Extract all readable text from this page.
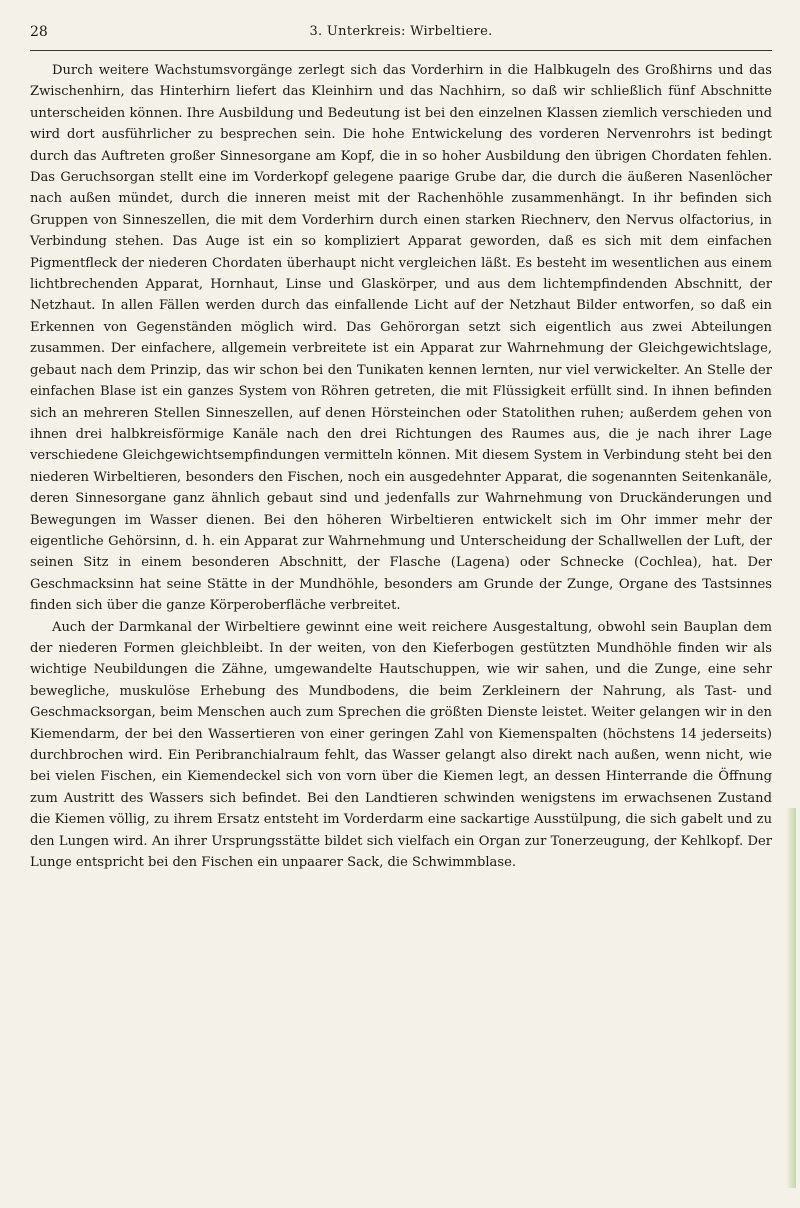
28	3. Unterkreis: Wirbeltiere.

Durch weitere Wachstumsvorgänge zerlegt sich das Vorderhirn in die Halbkugeln des Großhirns und das Zwischenhirn, das Hinterhirn liefert das Kleinhirn und das Nachhirn, so daß wir schließlich fünf Abschnitte unterscheiden können. Ihre Ausbildung und Bedeutung ist bei den einzelnen Klassen ziemlich verschieden und wird dort ausführlicher zu besprechen sein. Die hohe Entwickelung des vorderen Nervenrohrs ist bedingt durch das Auftreten großer Sinnesorgane am Kopf, die in so hoher Ausbildung den übrigen Chordaten fehlen. Das Geruchsorgan stellt eine im Vorderkopf gelegene paarige Grube dar, die durch die äußeren Nasenlöcher nach außen mündet, durch die inneren meist mit der Rachenhöhle zusammenhängt. In ihr befinden sich Gruppen von Sinneszellen, die mit dem Vorderhirn durch einen starken Riechnerv, den Nervus olfactorius, in Verbindung stehen. Das Auge ist ein so kompliziert Apparat geworden, daß es sich mit dem einfachen Pigmentfleck der niederen Chordaten überhaupt nicht vergleichen läßt. Es besteht im wesentlichen aus einem lichtbrechenden Apparat, Hornhaut, Linse und Glaskörper, und aus dem lichtempfindenden Abschnitt, der Netzhaut. In allen Fällen werden durch das einfallende Licht auf der Netzhaut Bilder entworfen, so daß ein Erkennen von Gegenständen möglich wird. Das Gehörorgan setzt sich eigentlich aus zwei Abteilungen zusammen. Der einfachere, allgemein verbreitete ist ein Apparat zur Wahrnehmung der Gleichgewichtslage, gebaut nach dem Prinzip, das wir schon bei den Tunikaten kennen lernten, nur viel verwickelter. An Stelle der einfachen Blase ist ein ganzes System von Röhren getreten, die mit Flüssigkeit erfüllt sind. In ihnen befinden sich an mehreren Stellen Sinneszellen, auf denen Hörsteinchen oder Statolithen ruhen; außerdem gehen von ihnen drei halbkreisförmige Kanäle nach den drei Richtungen des Raumes aus, die je nach ihrer Lage verschiedene Gleichgewichtsempfindungen vermitteln können. Mit diesem System in Verbindung steht bei den niederen Wirbeltieren, besonders den Fischen, noch ein ausgedehnter Apparat, die sogenannten Seitenkanäle, deren Sinnesorgane ganz ähnlich gebaut sind und jedenfalls zur Wahrnehmung von Druckänderungen und Bewegungen im Wasser dienen. Bei den höheren Wirbeltieren entwickelt sich im Ohr immer mehr der eigentliche Gehörsinn, d. h. ein Apparat zur Wahrnehmung und Unterscheidung der Schallwellen der Luft, der seinen Sitz in einem besonderen Abschnitt, der Flasche (Lagena) oder Schnecke (Cochlea), hat. Der Geschmacksinn hat seine Stätte in der Mundhöhle, besonders am Grunde der Zunge, Organe des Tastsinnes finden sich über die ganze Körperoberfläche verbreitet.

Auch der Darmkanal der Wirbeltiere gewinnt eine weit reichere Ausgestaltung, obwohl sein Bauplan dem der niederen Formen gleichbleibt. In der weiten, von den Kieferbogen gestützten Mundhöhle finden wir als wichtige Neubildungen die Zähne, umgewandelte Hautschuppen, wie wir sahen, und die Zunge, eine sehr bewegliche, muskulöse Erhebung des Mundbodens, die beim Zerkleinern der Nahrung, als Tast- und Geschmacksorgan, beim Menschen auch zum Sprechen die größten Dienste leistet. Weiter gelangen wir in den Kiemendarm, der bei den Wassertieren von einer geringen Zahl von Kiemenspalten (höchstens 14 jederseits) durchbrochen wird. Ein Peribranchialraum fehlt, das Wasser gelangt also direkt nach außen, wenn nicht, wie bei vielen Fischen, ein Kiemendeckel sich von vorn über die Kiemen legt, an dessen Hinterrande die Öffnung zum Austritt des Wassers sich befindet. Bei den Landtieren schwinden wenigstens im erwachsenen Zustand die Kiemen völlig, zu ihrem Ersatz entsteht im Vorderdarm eine sackartige Ausstülpung, die sich gabelt und zu den Lungen wird. An ihrer Ursprungsstätte bildet sich vielfach ein Organ zur Tonerzeugung, der Kehlkopf. Der Lunge entspricht bei den Fischen ein unpaarer Sack, die Schwimmblase.
